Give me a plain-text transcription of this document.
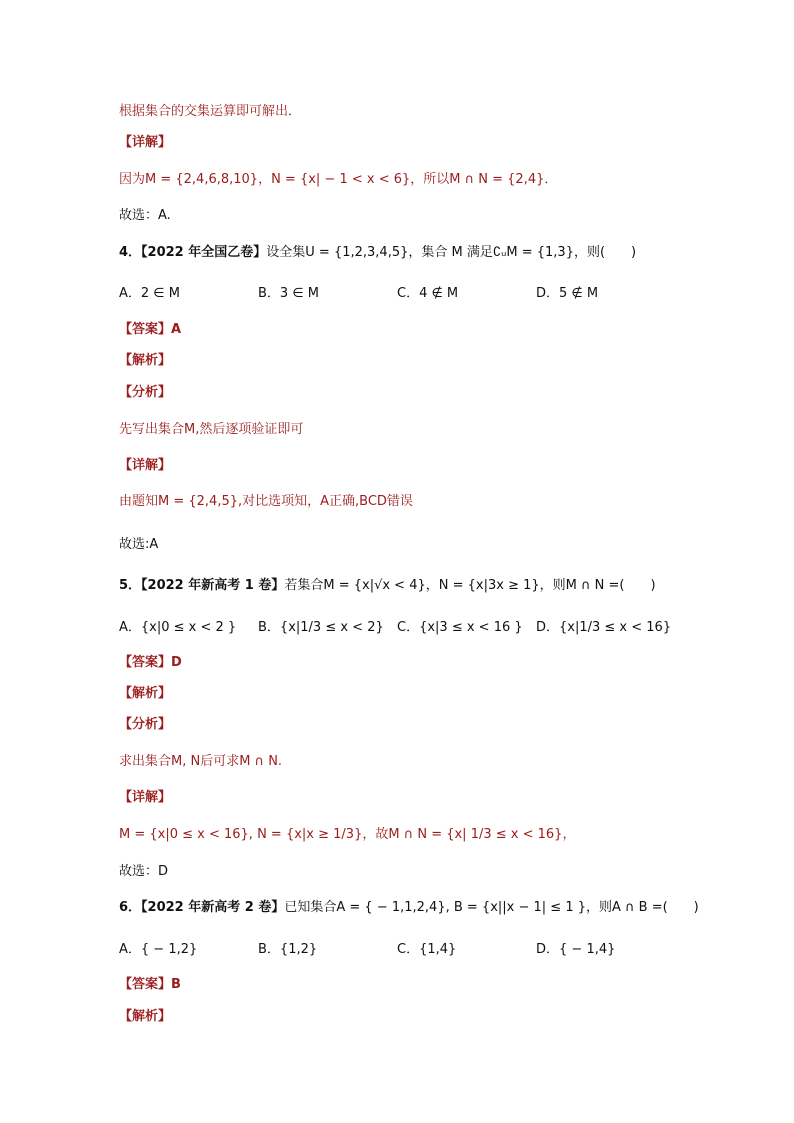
根据集合的交集运算即可解出．
【详解】
因为M = {2,4,6,8,10}，N = {x| − 1 < x < 6}，所以M ∩ N = {2,4}．
故选：A.
4．【2022 年全国乙卷】设全集U = {1,2,3,4,5}，集合 M 满足∁ᵤM = {1,3}，则(　　)
A．2 ∈ M	B．3 ∈ M	C．4 ∉ M	D．5 ∉ M
【答案】A
【解析】
【分析】
先写出集合M,然后逐项验证即可
【详解】
由题知M = {2,4,5},对比选项知，A正确,BCD错误
故选:A
5．【2022 年新高考 1 卷】若集合M = {x|√x < 4}，N = {x|3x ≥ 1}，则M ∩ N =(　　)
A．{x|0 ≤ x < 2 } B．{x|1/3 ≤ x < 2} C．{x|3 ≤ x < 16 } D．{x|1/3 ≤ x < 16}
【答案】D
【解析】
【分析】
求出集合M, N后可求M ∩ N.
【详解】
M = {x|0 ≤ x < 16}, N = {x|x ≥ 1/3}，故M ∩ N = {x| 1/3 ≤ x < 16}，
故选：D
6．【2022 年新高考 2 卷】已知集合A = { − 1,1,2,4}, B = {x||x − 1| ≤ 1 }，则A ∩ B =(　　)
A．{ − 1,2}	B．{1,2}	C．{1,4}	D．{ − 1,4}
【答案】B
【解析】
